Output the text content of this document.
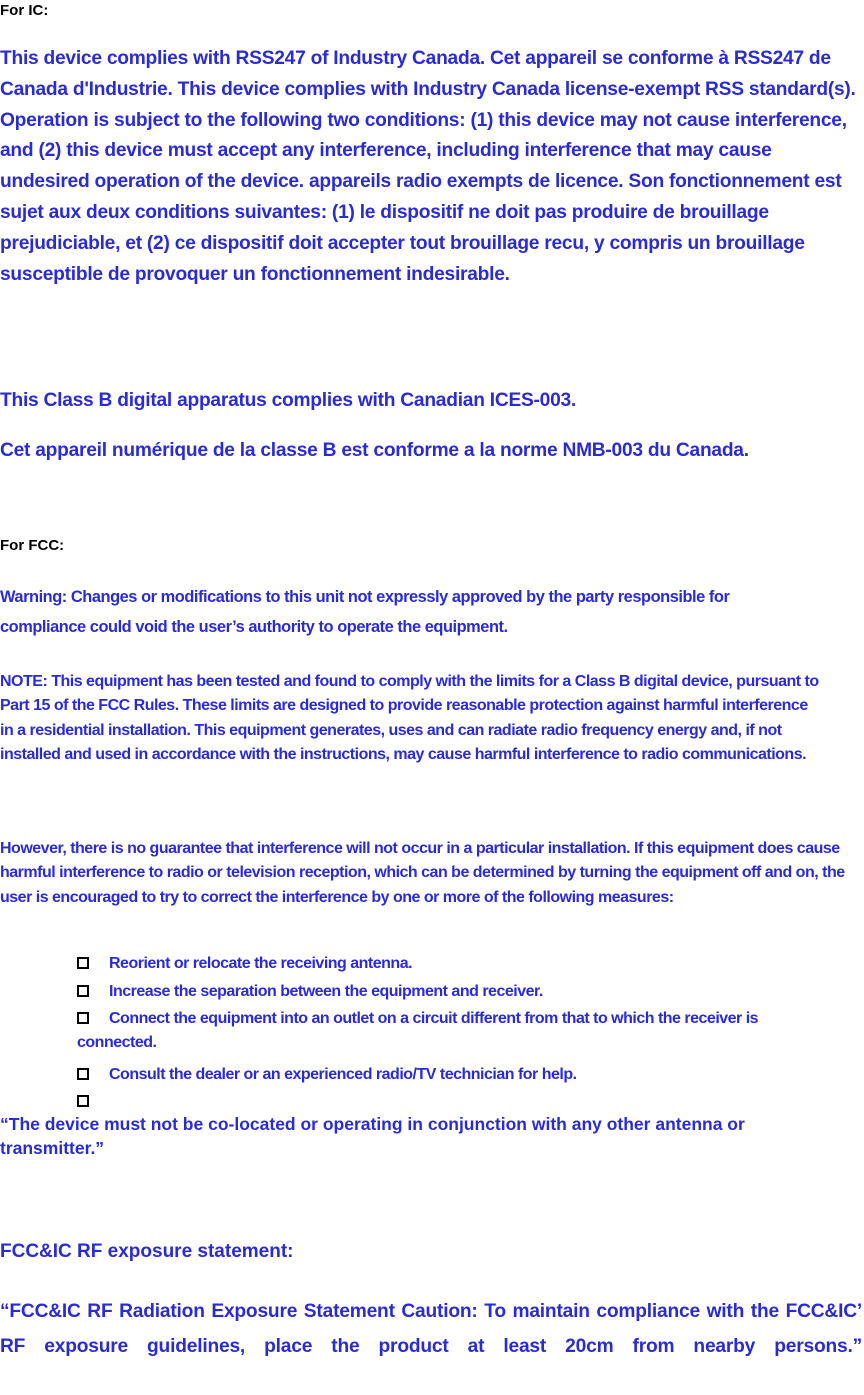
For IC:

This device complies with RSS247 of Industry Canada. Cet appareil se conforme à RSS247 de Canada d'Industrie. This device complies with Industry Canada license-exempt RSS standard(s). Operation is subject to the following two conditions: (1) this device may not cause interference, and (2) this device must accept any interference, including interference that may cause undesired operation of the device. appareils radio exempts de licence. Son fonctionnement est sujet aux deux conditions suivantes: (1) le dispositif ne doit pas produire de brouillage prejudiciable, et (2) ce dispositif doit accepter tout brouillage recu, y compris un brouillage susceptible de provoquer un fonctionnement indesirable.

This Class B digital apparatus complies with Canadian ICES-003.

Cet appareil numérique de la classe B est conforme a la norme NMB-003 du Canada.

For FCC:

Warning: Changes or modifications to this unit not expressly approved by the party responsible for compliance could void the user’s authority to operate the equipment.

NOTE: This equipment has been tested and found to comply with the limits for a Class B digital device, pursuant to Part 15 of the FCC Rules. These limits are designed to provide reasonable protection against harmful interference in a residential installation. This equipment generates, uses and can radiate radio frequency energy and, if not installed and used in accordance with the instructions, may cause harmful interference to radio communications.

However, there is no guarantee that interference will not occur in a particular installation. If this equipment does cause harmful interference to radio or television reception, which can be determined by turning the equipment off and on, the user is encouraged to try to correct the interference by one or more of the following measures:

Reorient or relocate the receiving antenna.
Increase the separation between the equipment and receiver.
Connect the equipment into an outlet on a circuit different from that to which the receiver is connected.
Consult the dealer or an experienced radio/TV technician for help.

“The device must not be co-located or operating in conjunction with any other antenna or transmitter.”

FCC&IC RF exposure statement:

“FCC&IC RF Radiation Exposure Statement Caution: To maintain compliance with the FCC&IC’ RF exposure guidelines, place the product at least 20cm from nearby persons.”
